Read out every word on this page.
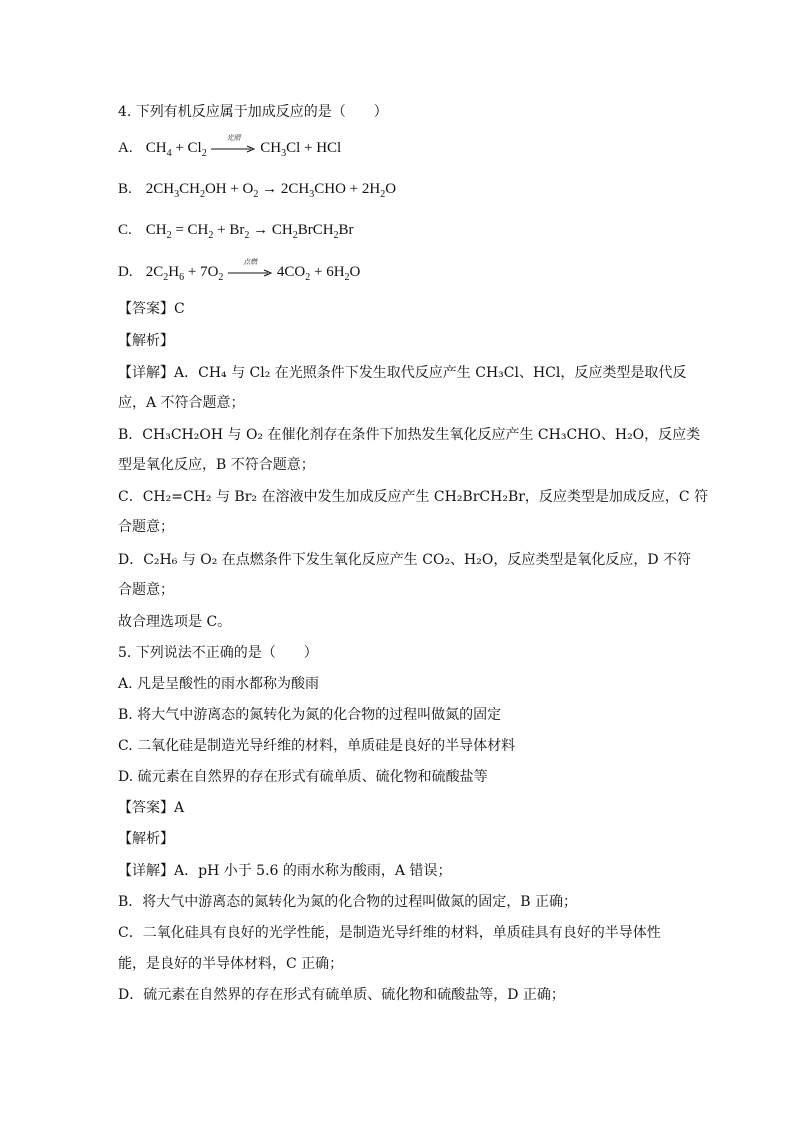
4. 下列有机反应属于加成反应的是（　　）
A. $CH_4 + Cl_2$
光照
$CH_3Cl$ + HCl
B. $2CH_3CH_2OH + O_2 \to 2CH_3CHO + 2H_2O$
C. $CH_2 = CH_2 + Br_2$ → $CH_2BrCH_2Br$
D. $2C_2H_6 + 7O_2$
点燃
$4CO_2 + 6H_2O$
【答案】C
【解析】
【详解】A．CH₄ 与 Cl₂ 在光照条件下发生取代反应产生 CH₃Cl、HCl，反应类型是取代反
应，A 不符合题意；
B．CH₃CH₂OH 与 O₂ 在催化剂存在条件下加热发生氧化反应产生 CH₃CHO、H₂O，反应类
型是氧化反应，B 不符合题意；
C．CH₂=CH₂ 与 Br₂ 在溶液中发生加成反应产生 CH₂BrCH₂Br，反应类型是加成反应，C 符
合题意；
D．C₂H₆ 与 O₂ 在点燃条件下发生氧化反应产生 CO₂、H₂O，反应类型是氧化反应，D 不符
合题意；
故合理选项是 C。
5. 下列说法不正确的是（　　）
A. 凡是呈酸性的雨水都称为酸雨
B. 将大气中游离态的氮转化为氮的化合物的过程叫做氮的固定
C. 二氧化硅是制造光导纤维的材料，单质硅是良好的半导体材料
D. 硫元素在自然界的存在形式有硫单质、硫化物和硫酸盐等
【答案】A
【解析】
【详解】A．pH 小于 5.6 的雨水称为酸雨，A 错误；
B．将大气中游离态的氮转化为氮的化合物的过程叫做氮的固定，B 正确；
C．二氧化硅具有良好的光学性能，是制造光导纤维的材料，单质硅具有良好的半导体性
能，是良好的半导体材料，C 正确；
D．硫元素在自然界的存在形式有硫单质、硫化物和硫酸盐等，D 正确；
